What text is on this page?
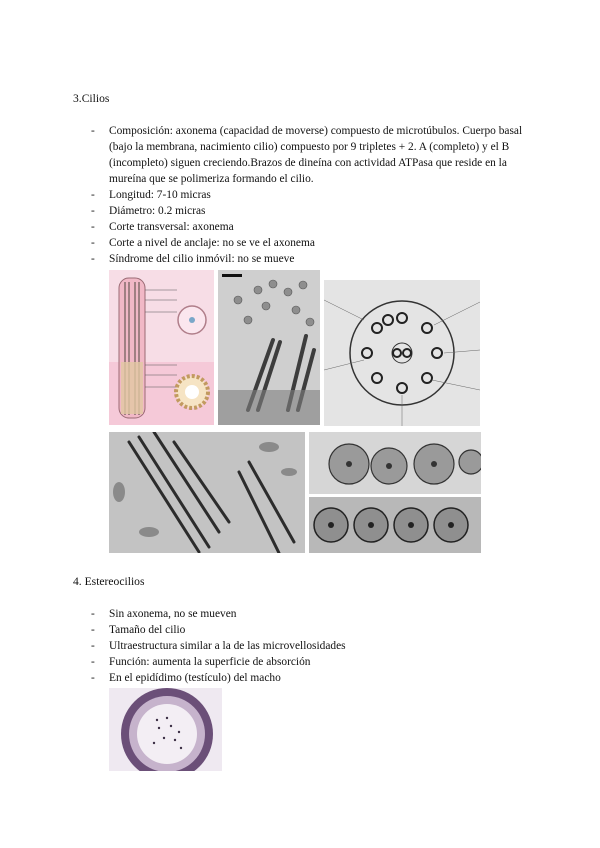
3.Cilios
- Composición: axonema (capacidad de moverse) compuesto de microtúbulos. Cuerpo basal (bajo la membrana, nacimiento cilio) compuesto por 9 tripletes + 2. A (completo) y el B (incompleto) siguen creciendo.Brazos de dineína con actividad ATPasa que reside en la mureína que se polimeriza formando el cilio.
- Longitud: 7-10 micras
- Diámetro: 0.2 micras
- Corte transversal: axonema
- Corte a nivel de anclaje: no se ve el axonema
- Síndrome del cilio inmóvil: no se mueve
4. Estereocilios
- Sin axonema, no se mueven
- Tamaño del cilio
- Ultraestructura similar a la de las microvellosidades
- Función: aumenta la superficie de absorción
- En el epidídimo (testículo) del macho
